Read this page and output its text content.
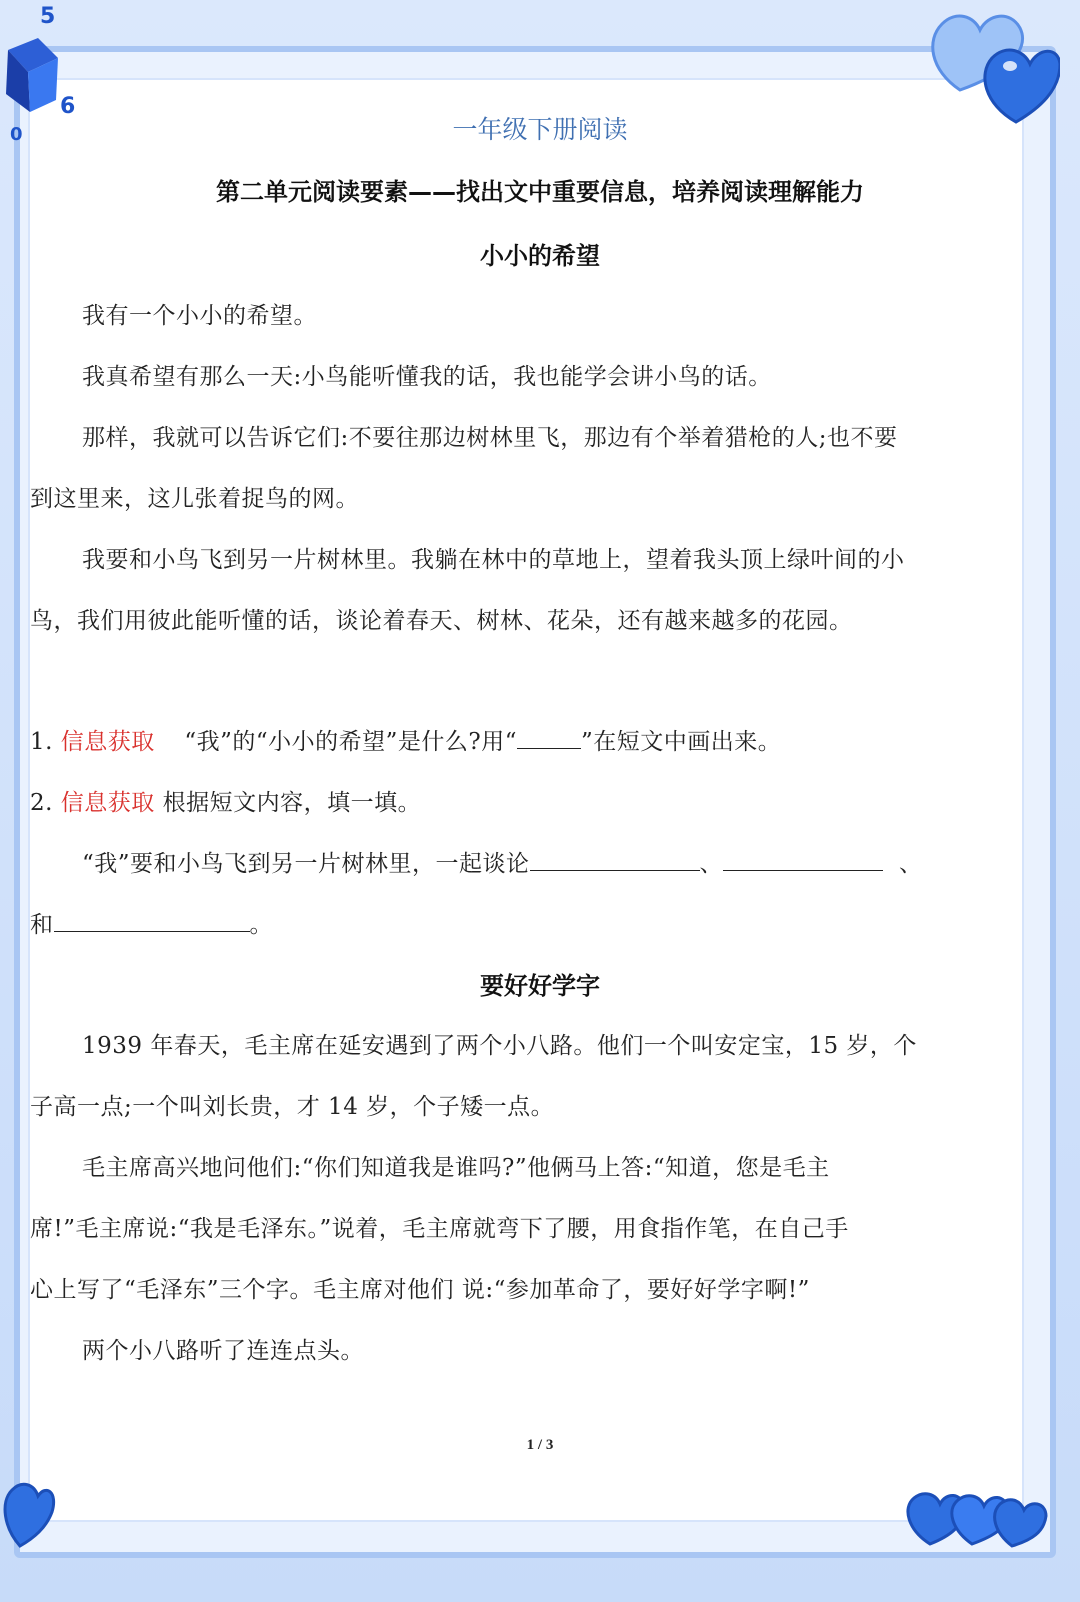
5
6
0	一年级下册阅读
第二单元阅读要素——找出文中重要信息，培养阅读理解能力
小小的希望
我有一个小小的希望。
我真希望有那么一天:小鸟能听懂我的话，我也能学会讲小鸟的话。
那样，我就可以告诉它们:不要往那边树林里飞，那边有个举着猎枪的人;也不要
到这里来，这儿张着捉鸟的网。
我要和小鸟飞到另一片树林里。我躺在林中的草地上，望着我头顶上绿叶间的小
鸟，我们用彼此能听懂的话，谈论着春天、树林、花朵，还有越来越多的花园。
1. 信息获取 “我”的“小小的希望”是什么?用“	”在短文中画出来。
2. 信息获取 根据短文内容，填一填。
“我”要和小鸟飞到另一片树林里，一起谈论	、	、
和	。
要好好学字
1939 年春天，毛主席在延安遇到了两个小八路。他们一个叫安定宝，15 岁，个
子高一点;一个叫刘长贵，才 14 岁，个子矮一点。
毛主席高兴地问他们:“你们知道我是谁吗?”他俩马上答:“知道，您是毛主
席!”毛主席说:“我是毛泽东。”说着，毛主席就弯下了腰，用食指作笔，在自己手
心上写了“毛泽东”三个字。毛主席对他们 说:“参加革命了，要好好学字啊!”
两个小八路听了连连点头。
1 / 3
